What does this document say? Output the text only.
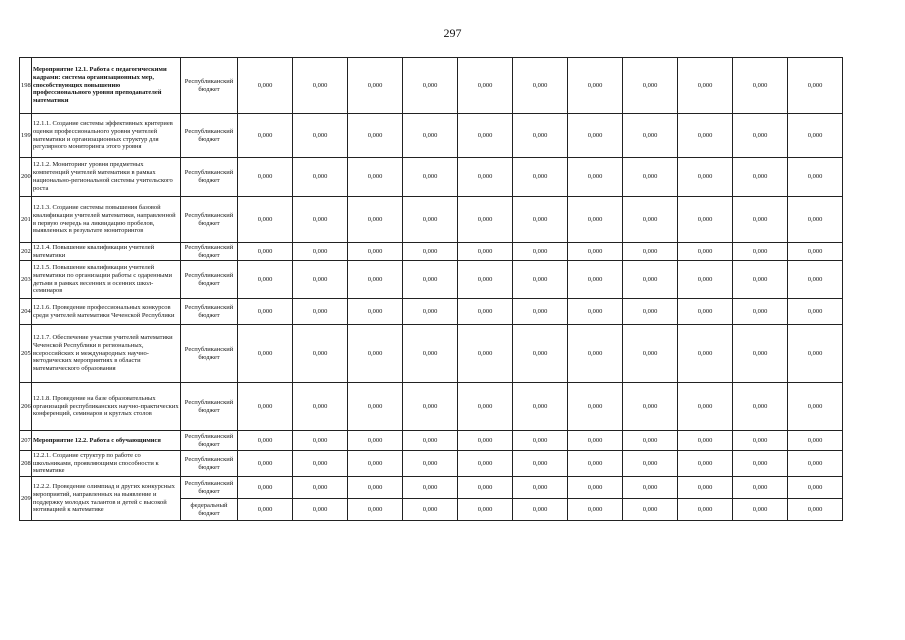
297
198	Мероприятие 12.1. Работа с педагогическими кадрами: система организационных мер, способствующих повышению профессионального уровня преподавателей математики	Республиканский бюджет	0,000	0,000	0,000	0,000	0,000	0,000	0,000	0,000	0,000	0,000	0,000
199	12.1.1. Создание системы эффективных критериев оценки профессионального уровня учителей математики и организационных структур для регулярного мониторинга этого уровня	Республиканский бюджет	0,000	0,000	0,000	0,000	0,000	0,000	0,000	0,000	0,000	0,000	0,000
200	12.1.2. Мониторинг уровня предметных компетенций учителей математики в рамках национально-региональной системы учительского роста	Республиканский бюджет	0,000	0,000	0,000	0,000	0,000	0,000	0,000	0,000	0,000	0,000	0,000
201	12.1.3. Создание системы повышения базовой квалификации учителей математики, направленной в первую очередь на ликвидацию пробелов, выявленных в результате мониторингов	Республиканский бюджет	0,000	0,000	0,000	0,000	0,000	0,000	0,000	0,000	0,000	0,000	0,000
202	12.1.4. Повышение квалификации учителей математики	Республиканский бюджет	0,000	0,000	0,000	0,000	0,000	0,000	0,000	0,000	0,000	0,000	0,000
203	12.1.5. Повышение квалификации учителей математики по организации работы с одаренными детьми в рамках весенних и осенних школ-семинаров	Республиканский бюджет	0,000	0,000	0,000	0,000	0,000	0,000	0,000	0,000	0,000	0,000	0,000
204	12.1.6. Проведение профессиональных конкурсов среди учителей математики Чеченской Республики	Республиканский бюджет	0,000	0,000	0,000	0,000	0,000	0,000	0,000	0,000	0,000	0,000	0,000
205	12.1.7. Обеспечение участия учителей математики Чеченской Республики в региональных, всероссийских и международных научно-методических мероприятиях в области математического образования	Республиканский бюджет	0,000	0,000	0,000	0,000	0,000	0,000	0,000	0,000	0,000	0,000	0,000
206	12.1.8. Проведение на базе образовательных организаций республиканских научно-практических конференций, семинаров и круглых столов	Республиканский бюджет	0,000	0,000	0,000	0,000	0,000	0,000	0,000	0,000	0,000	0,000	0,000
207	Мероприятие 12.2. Работа с обучающимися	Республиканский бюджет	0,000	0,000	0,000	0,000	0,000	0,000	0,000	0,000	0,000	0,000	0,000
208	12.2.1. Создание структур по работе со школьниками, проявляющими способности к математике	Республиканский бюджет	0,000	0,000	0,000	0,000	0,000	0,000	0,000	0,000	0,000	0,000	0,000
209	12.2.2. Проведение олимпиад и других конкурсных мероприятий, направленных на выявление и поддержку молодых талантов и детей с высокой мотивацией к математике	Республиканский бюджет	0,000	0,000	0,000	0,000	0,000	0,000	0,000	0,000	0,000	0,000	0,000
		федеральный бюджет	0,000	0,000	0,000	0,000	0,000	0,000	0,000	0,000	0,000	0,000	0,000
